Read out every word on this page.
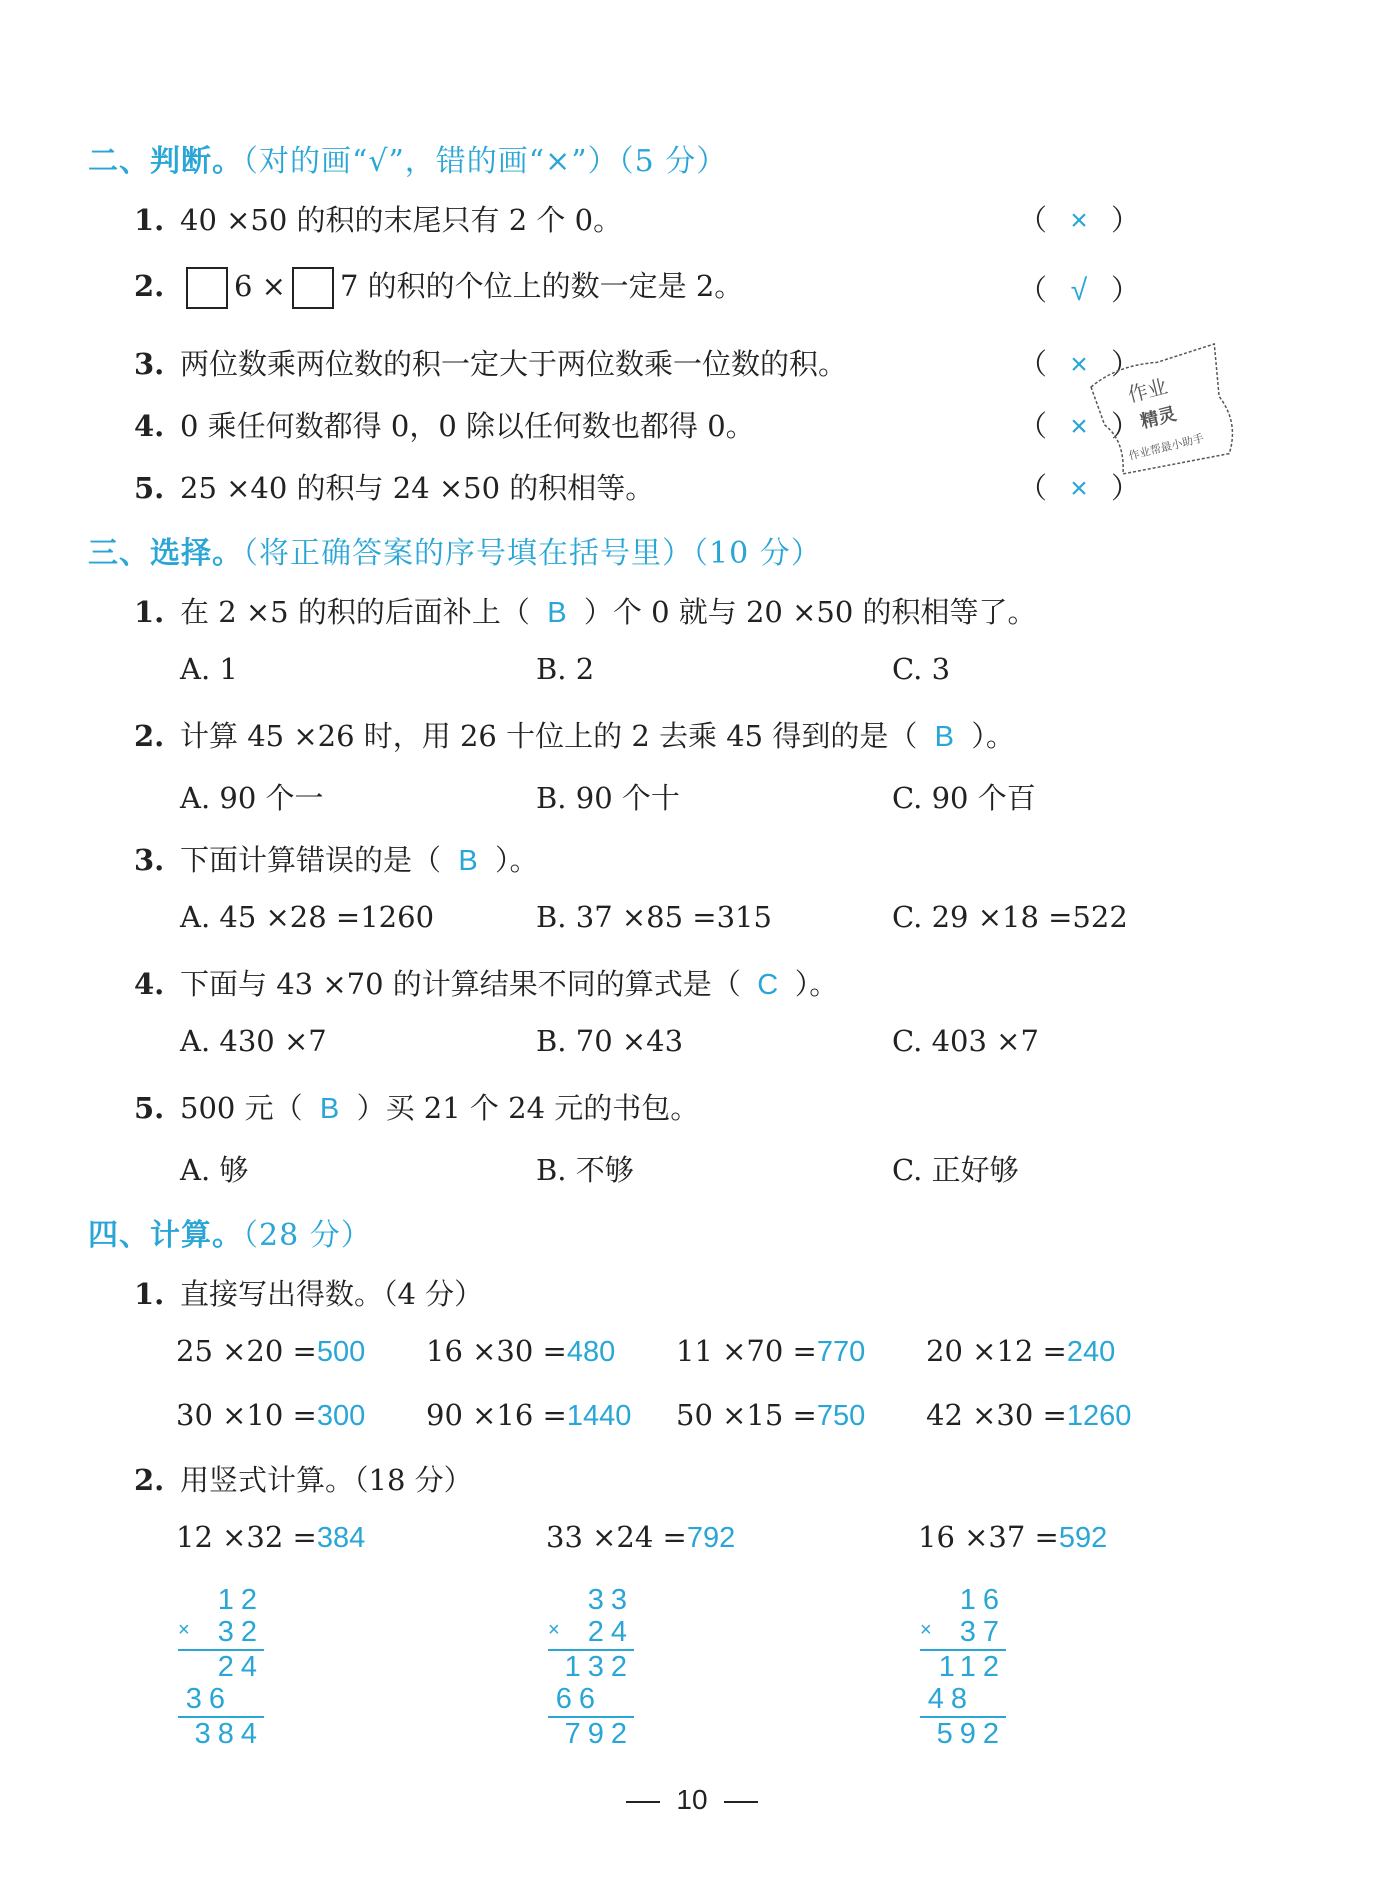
二、判断。（对的画“√”，错的画“×”）（5 分）
1. 40 ×50 的积的末尾只有 2 个 0。	（ × ）
2. 6 × 7 的积的个位上的数一定是 2。	（ √ ）
3. 两位数乘两位数的积一定大于两位数乘一位数的积。	（ × ）
4. 0 乘任何数都得 0，0 除以任何数也都得 0。	（ × ）
5. 25 ×40 的积与 24 ×50 的积相等。	（ × ）
作业
精灵
作业帮最小助手
三、选择。（将正确答案的序号填在括号里）（10 分）
1. 在 2 ×5 的积的后面补上（ B ）个 0 就与 20 ×50 的积相等了。
A. 1	B. 2	C. 3
2. 计算 45 ×26 时，用 26 十位上的 2 去乘 45 得到的是（ B ）。
A. 90 个一	B. 90 个十	C. 90 个百
3. 下面计算错误的是（ B ）。
A. 45 ×28 =1260	B. 37 ×85 =315	C. 29 ×18 =522
4. 下面与 43 ×70 的计算结果不同的算式是（ C ）。
A. 430 ×7	B. 70 ×43	C. 403 ×7
5. 500 元（ B ）买 21 个 24 元的书包。
A. 够	B. 不够	C. 正好够
四、计算。（28 分）
1. 直接写出得数。（4 分）
25 ×20 =500 16 ×30 =480 11 ×70 =770 20 ×12 =240
30 ×10 =300 90 ×16 =1440 50 ×15 =750 42 ×30 =1260
2. 用竖式计算。（18 分）
12 ×32 =384
12
× 32
24
36
384
33 ×24 =792
33
× 24
132
66
792
16 ×37 =592
16
× 37
112
48
592
10
